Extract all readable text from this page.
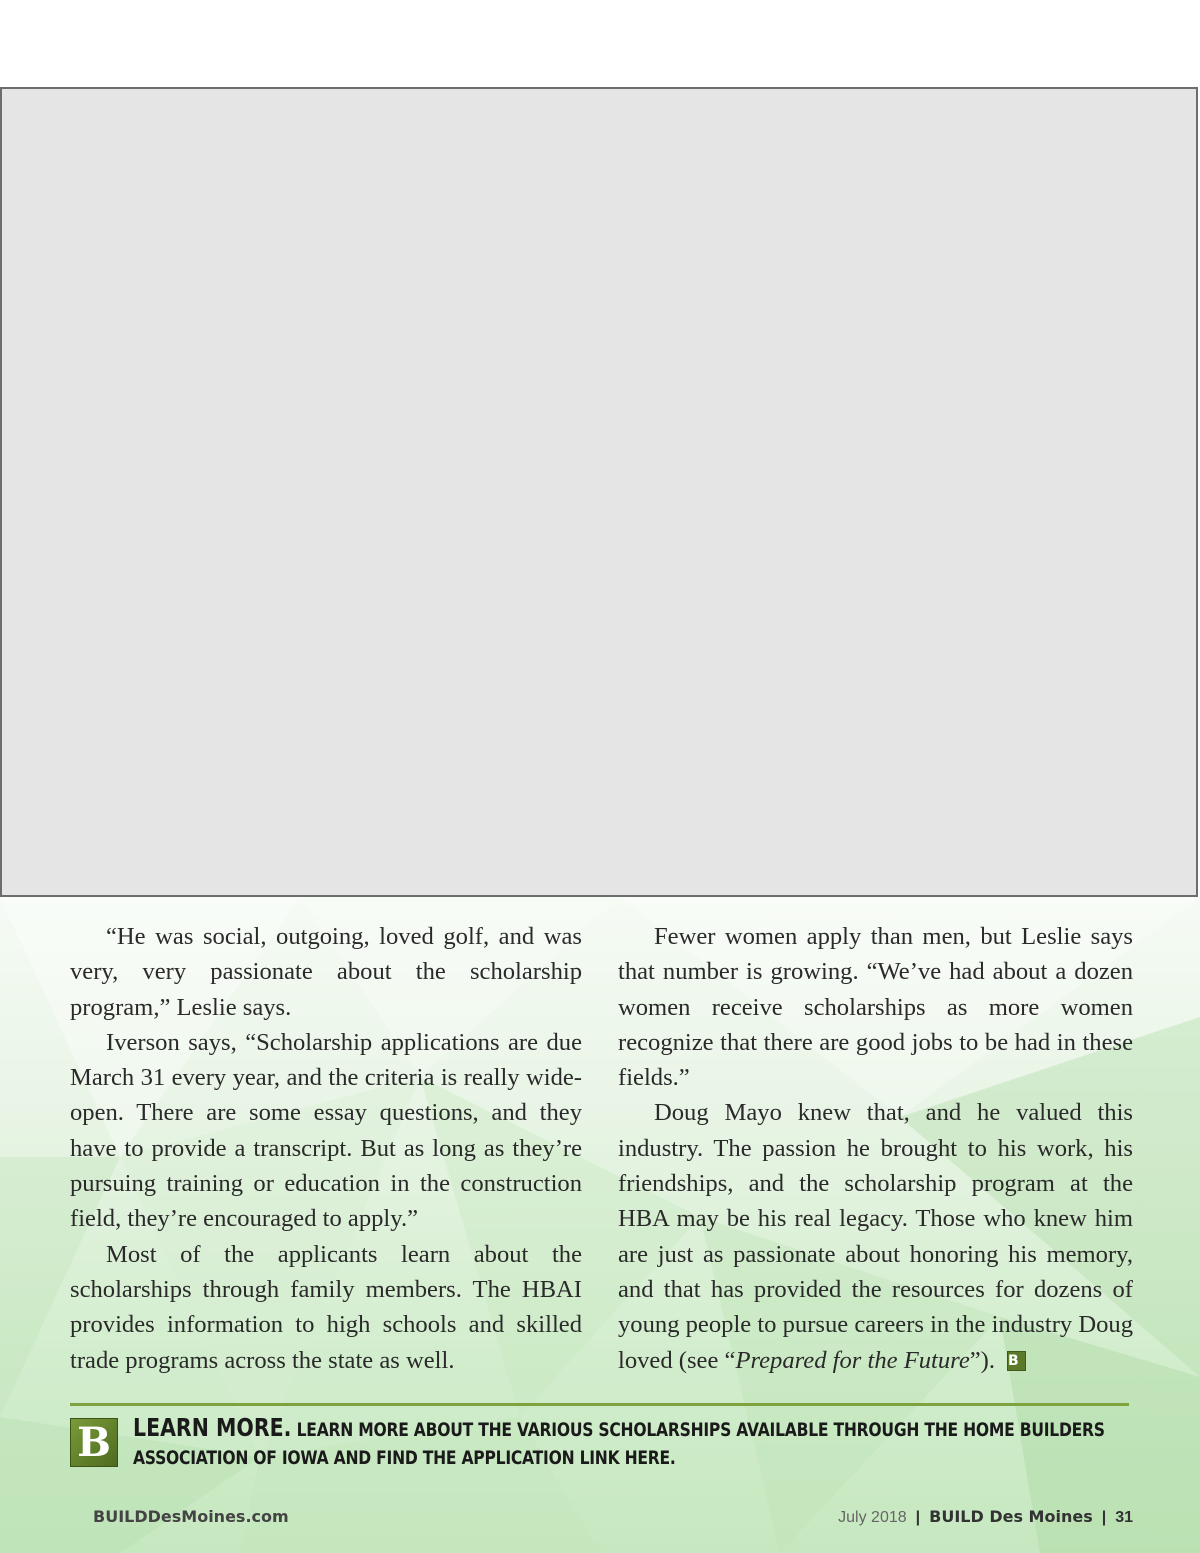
“He was social, outgoing, loved golf, and was very, very passionate about the scholarship program,” Leslie says.

Iverson says, “Scholarship applications are due March 31 every year, and the criteria is really wide-open. There are some essay questions, and they have to provide a transcript. But as long as they’re pursuing training or education in the construction field, they’re encouraged to apply.”

Most of the applicants learn about the scholarships through family members. The HBAI provides information to high schools and skilled trade programs across the state as well.

Fewer women apply than men, but Leslie says that number is growing. “We’ve had about a dozen women receive scholarships as more women recognize that there are good jobs to be had in these fields.”

Doug Mayo knew that, and he valued this industry. The passion he brought to his work, his friendships, and the scholarship program at the HBA may be his real legacy. Those who knew him are just as passionate about honoring his memory, and that has provided the resources for dozens of young people to pursue careers in the industry Doug loved (see “Prepared for the Future”). B

B LEARN MORE. LEARN MORE ABOUT THE VARIOUS SCHOLARSHIPS AVAILABLE THROUGH THE HOME BUILDERS ASSOCIATION OF IOWA AND FIND THE APPLICATION LINK HERE.
BUILDDesMoines.com	July 2018 | BUILD Des Moines | 31
